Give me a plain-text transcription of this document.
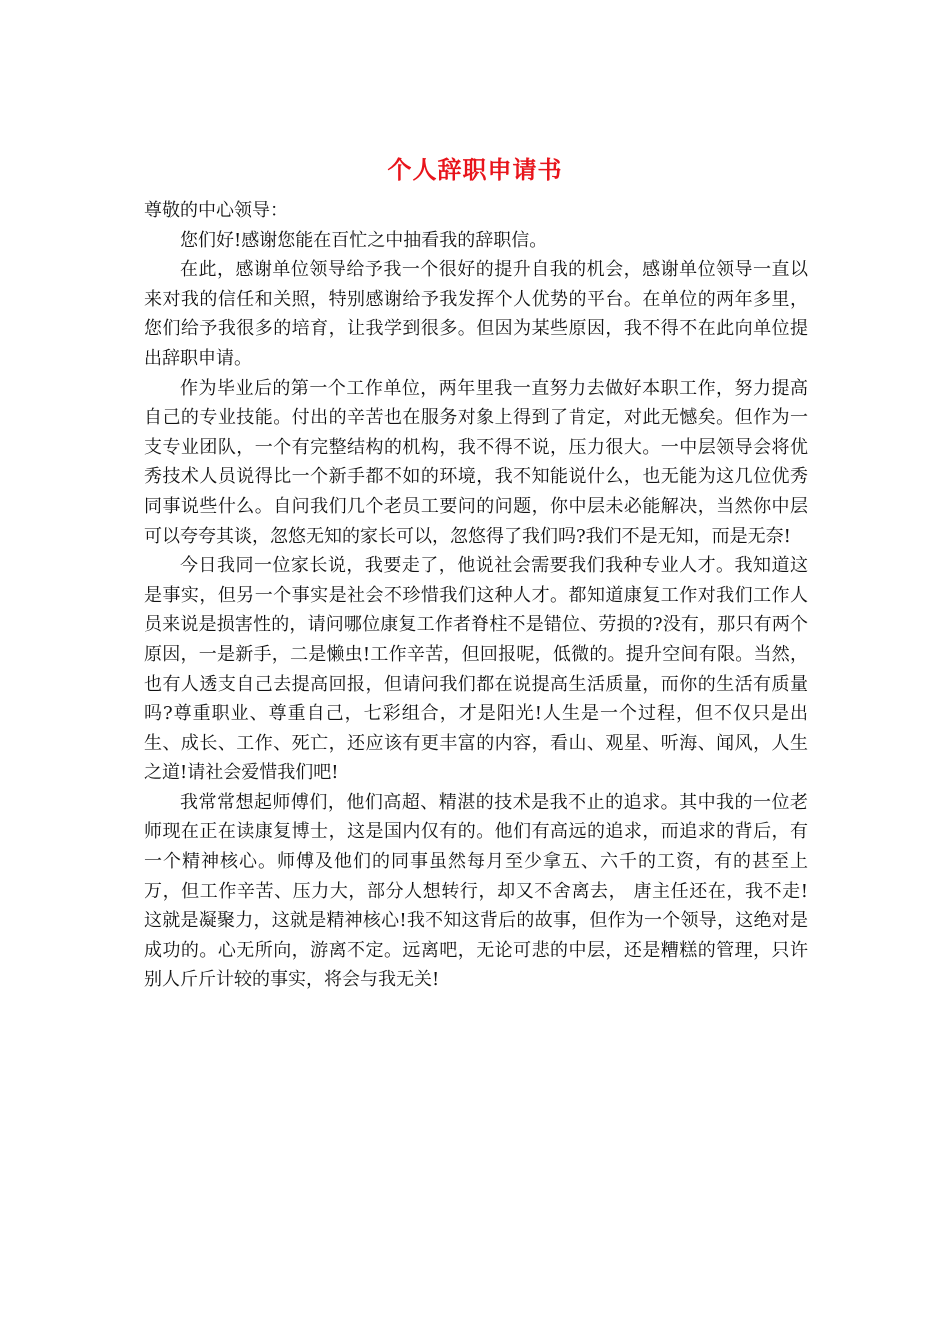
个人辞职申请书

尊敬的中心领导：

您们好!感谢您能在百忙之中抽看我的辞职信。

在此，感谢单位领导给予我一个很好的提升自我的机会，感谢单位领导一直以来对我的信任和关照，特别感谢给予我发挥个人优势的平台。在单位的两年多里，您们给予我很多的培育，让我学到很多。但因为某些原因，我不得不在此向单位提出辞职申请。

作为毕业后的第一个工作单位，两年里我一直努力去做好本职工作，努力提高自己的专业技能。付出的辛苦也在服务对象上得到了肯定，对此无憾矣。但作为一支专业团队，一个有完整结构的机构，我不得不说，压力很大。一中层领导会将优秀技术人员说得比一个新手都不如的环境，我不知能说什么，也无能为这几位优秀同事说些什么。自问我们几个老员工要问的问题，你中层未必能解决，当然你中层可以夸夸其谈，忽悠无知的家长可以，忽悠得了我们吗?我们不是无知，而是无奈!

今日我同一位家长说，我要走了，他说社会需要我们我种专业人才。我知道这是事实，但另一个事实是社会不珍惜我们这种人才。都知道康复工作对我们工作人员来说是损害性的，请问哪位康复工作者脊柱不是错位、劳损的?没有，那只有两个原因，一是新手，二是懒虫!工作辛苦，但回报呢，低微的。提升空间有限。当然，也有人透支自己去提高回报，但请问我们都在说提高生活质量，而你的生活有质量吗?尊重职业、尊重自己，七彩组合，才是阳光!人生是一个过程，但不仅只是出生、成长、工作、死亡，还应该有更丰富的内容，看山、观星、听海、闻风，人生之道!请社会爱惜我们吧!

我常常想起师傅们，他们高超、精湛的技术是我不止的追求。其中我的一位老师现在正在读康复博士，这是国内仅有的。他们有高远的追求，而追求的背后，有一个精神核心。师傅及他们的同事虽然每月至少拿五、六千的工资，有的甚至上万，但工作辛苦、压力大，部分人想转行，却又不舍离去， 唐主任还在，我不走! 这就是凝聚力，这就是精神核心!我不知这背后的故事，但作为一个领导，这绝对是成功的。心无所向，游离不定。远离吧，无论可悲的中层，还是糟糕的管理，只许别人斤斤计较的事实，将会与我无关!
